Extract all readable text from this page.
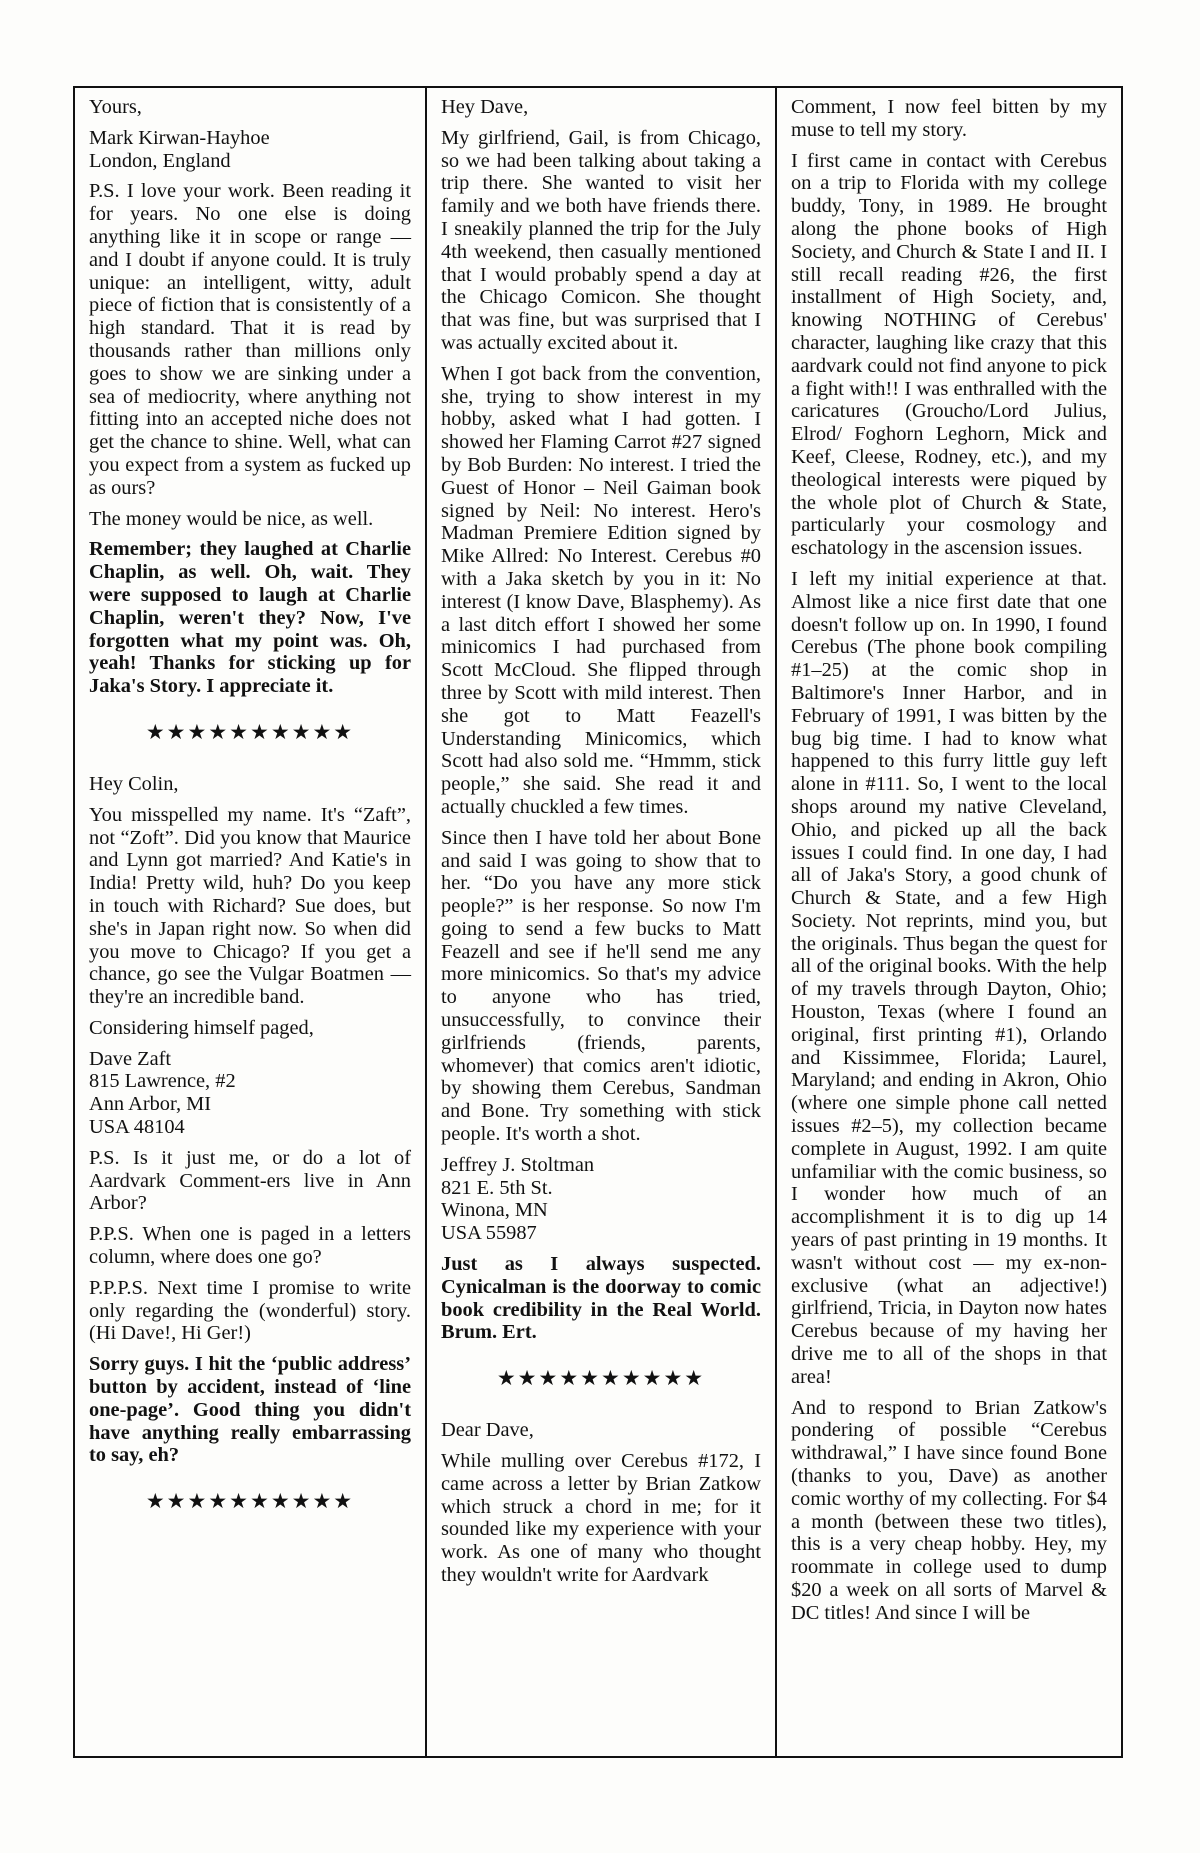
Yours,
Mark Kirwan-Hayhoe
London, England
P.S. I love your work. Been reading it for years. No one else is doing anything like it in scope or range — and I doubt if anyone could. It is truly unique: an intelligent, witty, adult piece of fiction that is consistently of a high standard. That it is read by thousands rather than millions only goes to show we are sinking under a sea of mediocrity, where anything not fitting into an accepted niche does not get the chance to shine. Well, what can you expect from a system as fucked up as ours?
The money would be nice, as well.
Remember; they laughed at Charlie Chaplin, as well. Oh, wait. They were supposed to laugh at Charlie Chaplin, weren't they? Now, I've forgotten what my point was. Oh, yeah! Thanks for sticking up for Jaka's Story. I appreciate it.
★★★★★★★★★★
Hey Colin,
You misspelled my name. It's “Zaft”, not “Zoft”. Did you know that Maurice and Lynn got married? And Katie's in India! Pretty wild, huh? Do you keep in touch with Richard? Sue does, but she's in Japan right now. So when did you move to Chicago? If you get a chance, go see the Vulgar Boatmen — they're an incredible band.
Considering himself paged,
Dave Zaft
815 Lawrence, #2
Ann Arbor, MI
USA 48104
P.S. Is it just me, or do a lot of Aardvark Comment-ers live in Ann Arbor?
P.P.S. When one is paged in a letters column, where does one go?
P.P.P.S. Next time I promise to write only regarding the (wonderful) story. (Hi Dave!, Hi Ger!)
Sorry guys. I hit the ‘public address’ button by accident, instead of ‘line one-page’. Good thing you didn't have anything really embarrassing to say, eh?
★★★★★★★★★★
Hey Dave,
My girlfriend, Gail, is from Chicago, so we had been talking about taking a trip there. She wanted to visit her family and we both have friends there. I sneakily planned the trip for the July 4th weekend, then casually mentioned that I would probably spend a day at the Chicago Comicon. She thought that was fine, but was surprised that I was actually excited about it.
When I got back from the convention, she, trying to show interest in my hobby, asked what I had gotten. I showed her Flaming Carrot #27 signed by Bob Burden: No interest. I tried the Guest of Honor – Neil Gaiman book signed by Neil: No interest. Hero's Madman Premiere Edition signed by Mike Allred: No Interest. Cerebus #0 with a Jaka sketch by you in it: No interest (I know Dave, Blasphemy). As a last ditch effort I showed her some minicomics I had purchased from Scott McCloud. She flipped through three by Scott with mild interest. Then she got to Matt Feazell's Understanding Minicomics, which Scott had also sold me. “Hmmm, stick people,” she said. She read it and actually chuckled a few times.
Since then I have told her about Bone and said I was going to show that to her. “Do you have any more stick people?” is her response. So now I'm going to send a few bucks to Matt Feazell and see if he'll send me any more minicomics. So that's my advice to anyone who has tried, unsuccessfully, to convince their girlfriends (friends, parents, whomever) that comics aren't idiotic, by showing them Cerebus, Sandman and Bone. Try something with stick people. It's worth a shot.
Jeffrey J. Stoltman
821 E. 5th St.
Winona, MN
USA 55987
Just as I always suspected. Cynicalman is the doorway to comic book credibility in the Real World. Brum. Ert.
★★★★★★★★★★
Dear Dave,
While mulling over Cerebus #172, I came across a letter by Brian Zatkow which struck a chord in me; for it sounded like my experience with your work. As one of many who thought they wouldn't write for Aardvark
Comment, I now feel bitten by my muse to tell my story.
I first came in contact with Cerebus on a trip to Florida with my college buddy, Tony, in 1989. He brought along the phone books of High Society, and Church & State I and II. I still recall reading #26, the first installment of High Society, and, knowing NOTHING of Cerebus' character, laughing like crazy that this aardvark could not find anyone to pick a fight with!! I was enthralled with the caricatures (Groucho/Lord Julius, Elrod/ Foghorn Leghorn, Mick and Keef, Cleese, Rodney, etc.), and my theological interests were piqued by the whole plot of Church & State, particularly your cosmology and eschatology in the ascension issues.
I left my initial experience at that. Almost like a nice first date that one doesn't follow up on. In 1990, I found Cerebus (The phone book compiling #1–25) at the comic shop in Baltimore's Inner Harbor, and in February of 1991, I was bitten by the bug big time. I had to know what happened to this furry little guy left alone in #111. So, I went to the local shops around my native Cleveland, Ohio, and picked up all the back issues I could find. In one day, I had all of Jaka's Story, a good chunk of Church & State, and a few High Society. Not reprints, mind you, but the originals. Thus began the quest for all of the original books. With the help of my travels through Dayton, Ohio; Houston, Texas (where I found an original, first printing #1), Orlando and Kissimmee, Florida; Laurel, Maryland; and ending in Akron, Ohio (where one simple phone call netted issues #2–5), my collection became complete in August, 1992. I am quite unfamiliar with the comic business, so I wonder how much of an accomplishment it is to dig up 14 years of past printing in 19 months. It wasn't without cost — my ex-non-exclusive (what an adjective!) girlfriend, Tricia, in Dayton now hates Cerebus because of my having her drive me to all of the shops in that area!
And to respond to Brian Zatkow's pondering of possible “Cerebus withdrawal,” I have since found Bone (thanks to you, Dave) as another comic worthy of my collecting. For $4 a month (between these two titles), this is a very cheap hobby. Hey, my roommate in college used to dump $20 a week on all sorts of Marvel & DC titles! And since I will be
